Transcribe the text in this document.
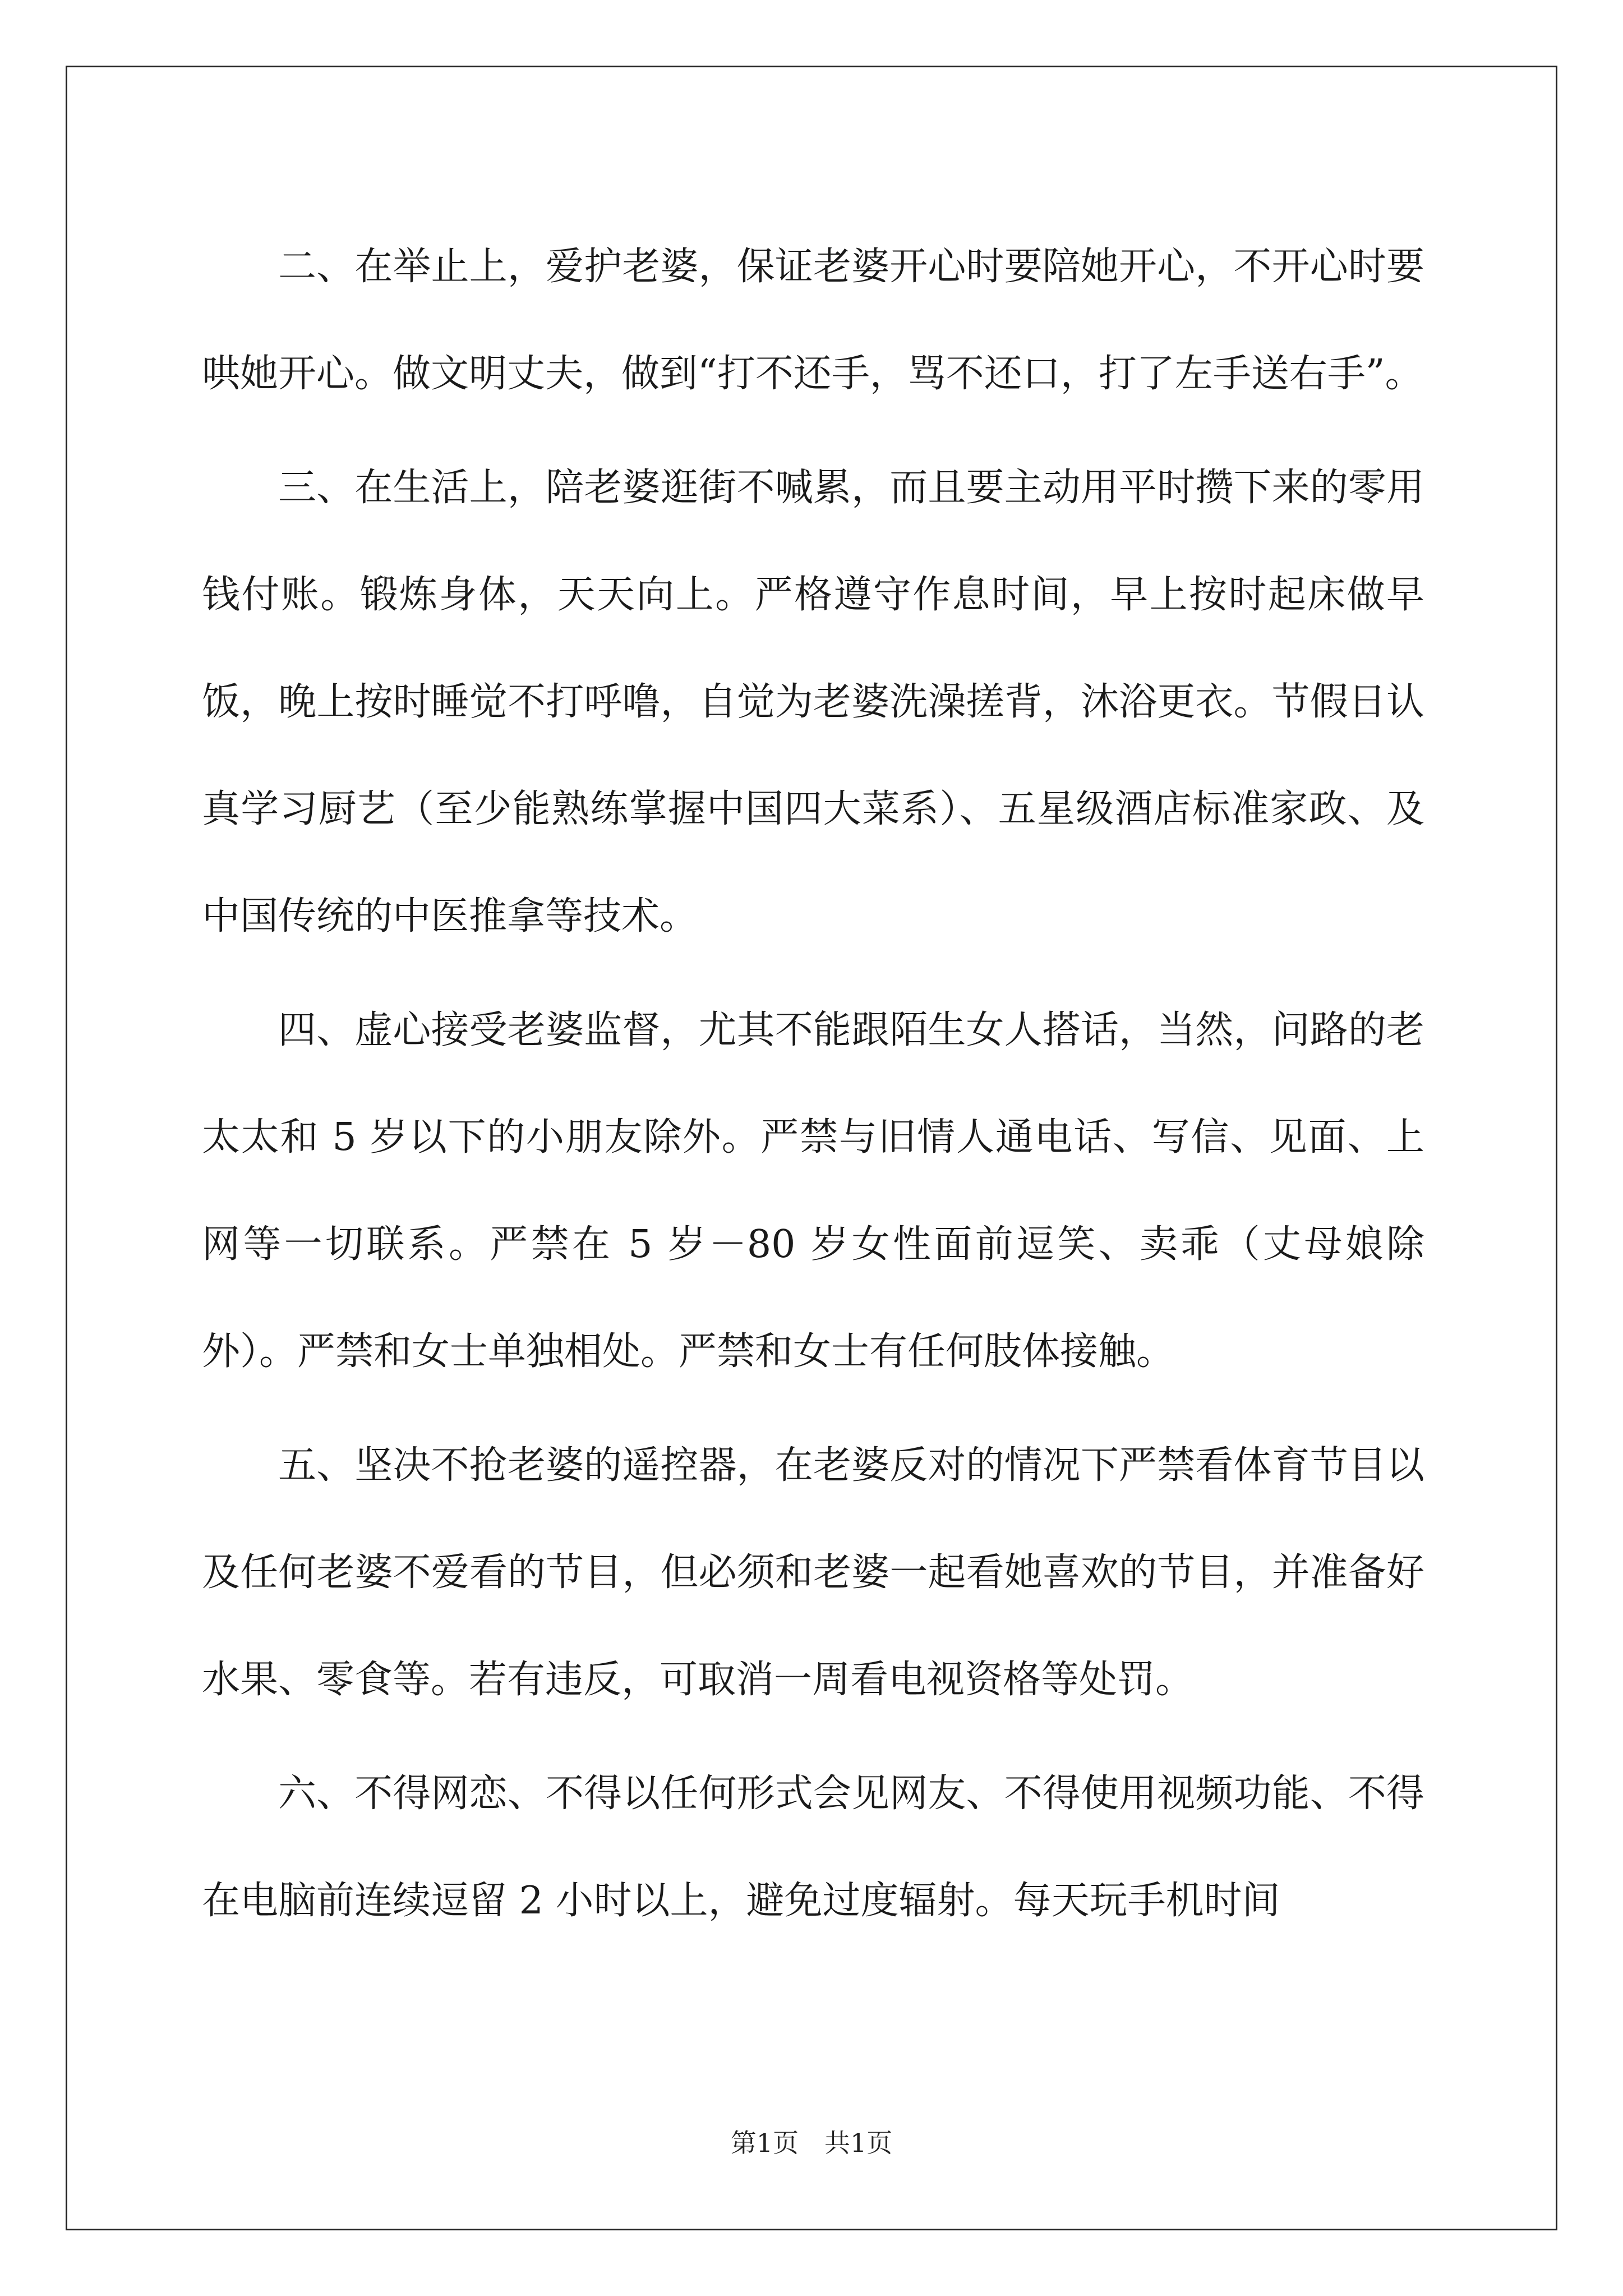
二、在举止上，爱护老婆，保证老婆开心时要陪她开心，不开心时要哄她开心。做文明丈夫，做到“打不还手，骂不还口，打了左手送右手”。

三、在生活上，陪老婆逛街不喊累，而且要主动用平时攒下来的零用钱付账。锻炼身体，天天向上。严格遵守作息时间，早上按时起床做早饭，晚上按时睡觉不打呼噜，自觉为老婆洗澡搓背，沐浴更衣。节假日认真学习厨艺（至少能熟练掌握中国四大菜系）、五星级酒店标准家政、及中国传统的中医推拿等技术。

四、虚心接受老婆监督，尤其不能跟陌生女人搭话，当然，问路的老太太和 5 岁以下的小朋友除外。严禁与旧情人通电话、写信、见面、上网等一切联系。严禁在 5 岁－80 岁女性面前逗笑、卖乖（丈母娘除外）。严禁和女士单独相处。严禁和女士有任何肢体接触。

五、坚决不抢老婆的遥控器，在老婆反对的情况下严禁看体育节目以及任何老婆不爱看的节目，但必须和老婆一起看她喜欢的节目，并准备好水果、零食等。若有违反，可取消一周看电视资格等处罚。

六、不得网恋、不得以任何形式会见网友、不得使用视频功能、不得在电脑前连续逗留 2 小时以上，避免过度辐射。每天玩手机时间

第1页 共1页
